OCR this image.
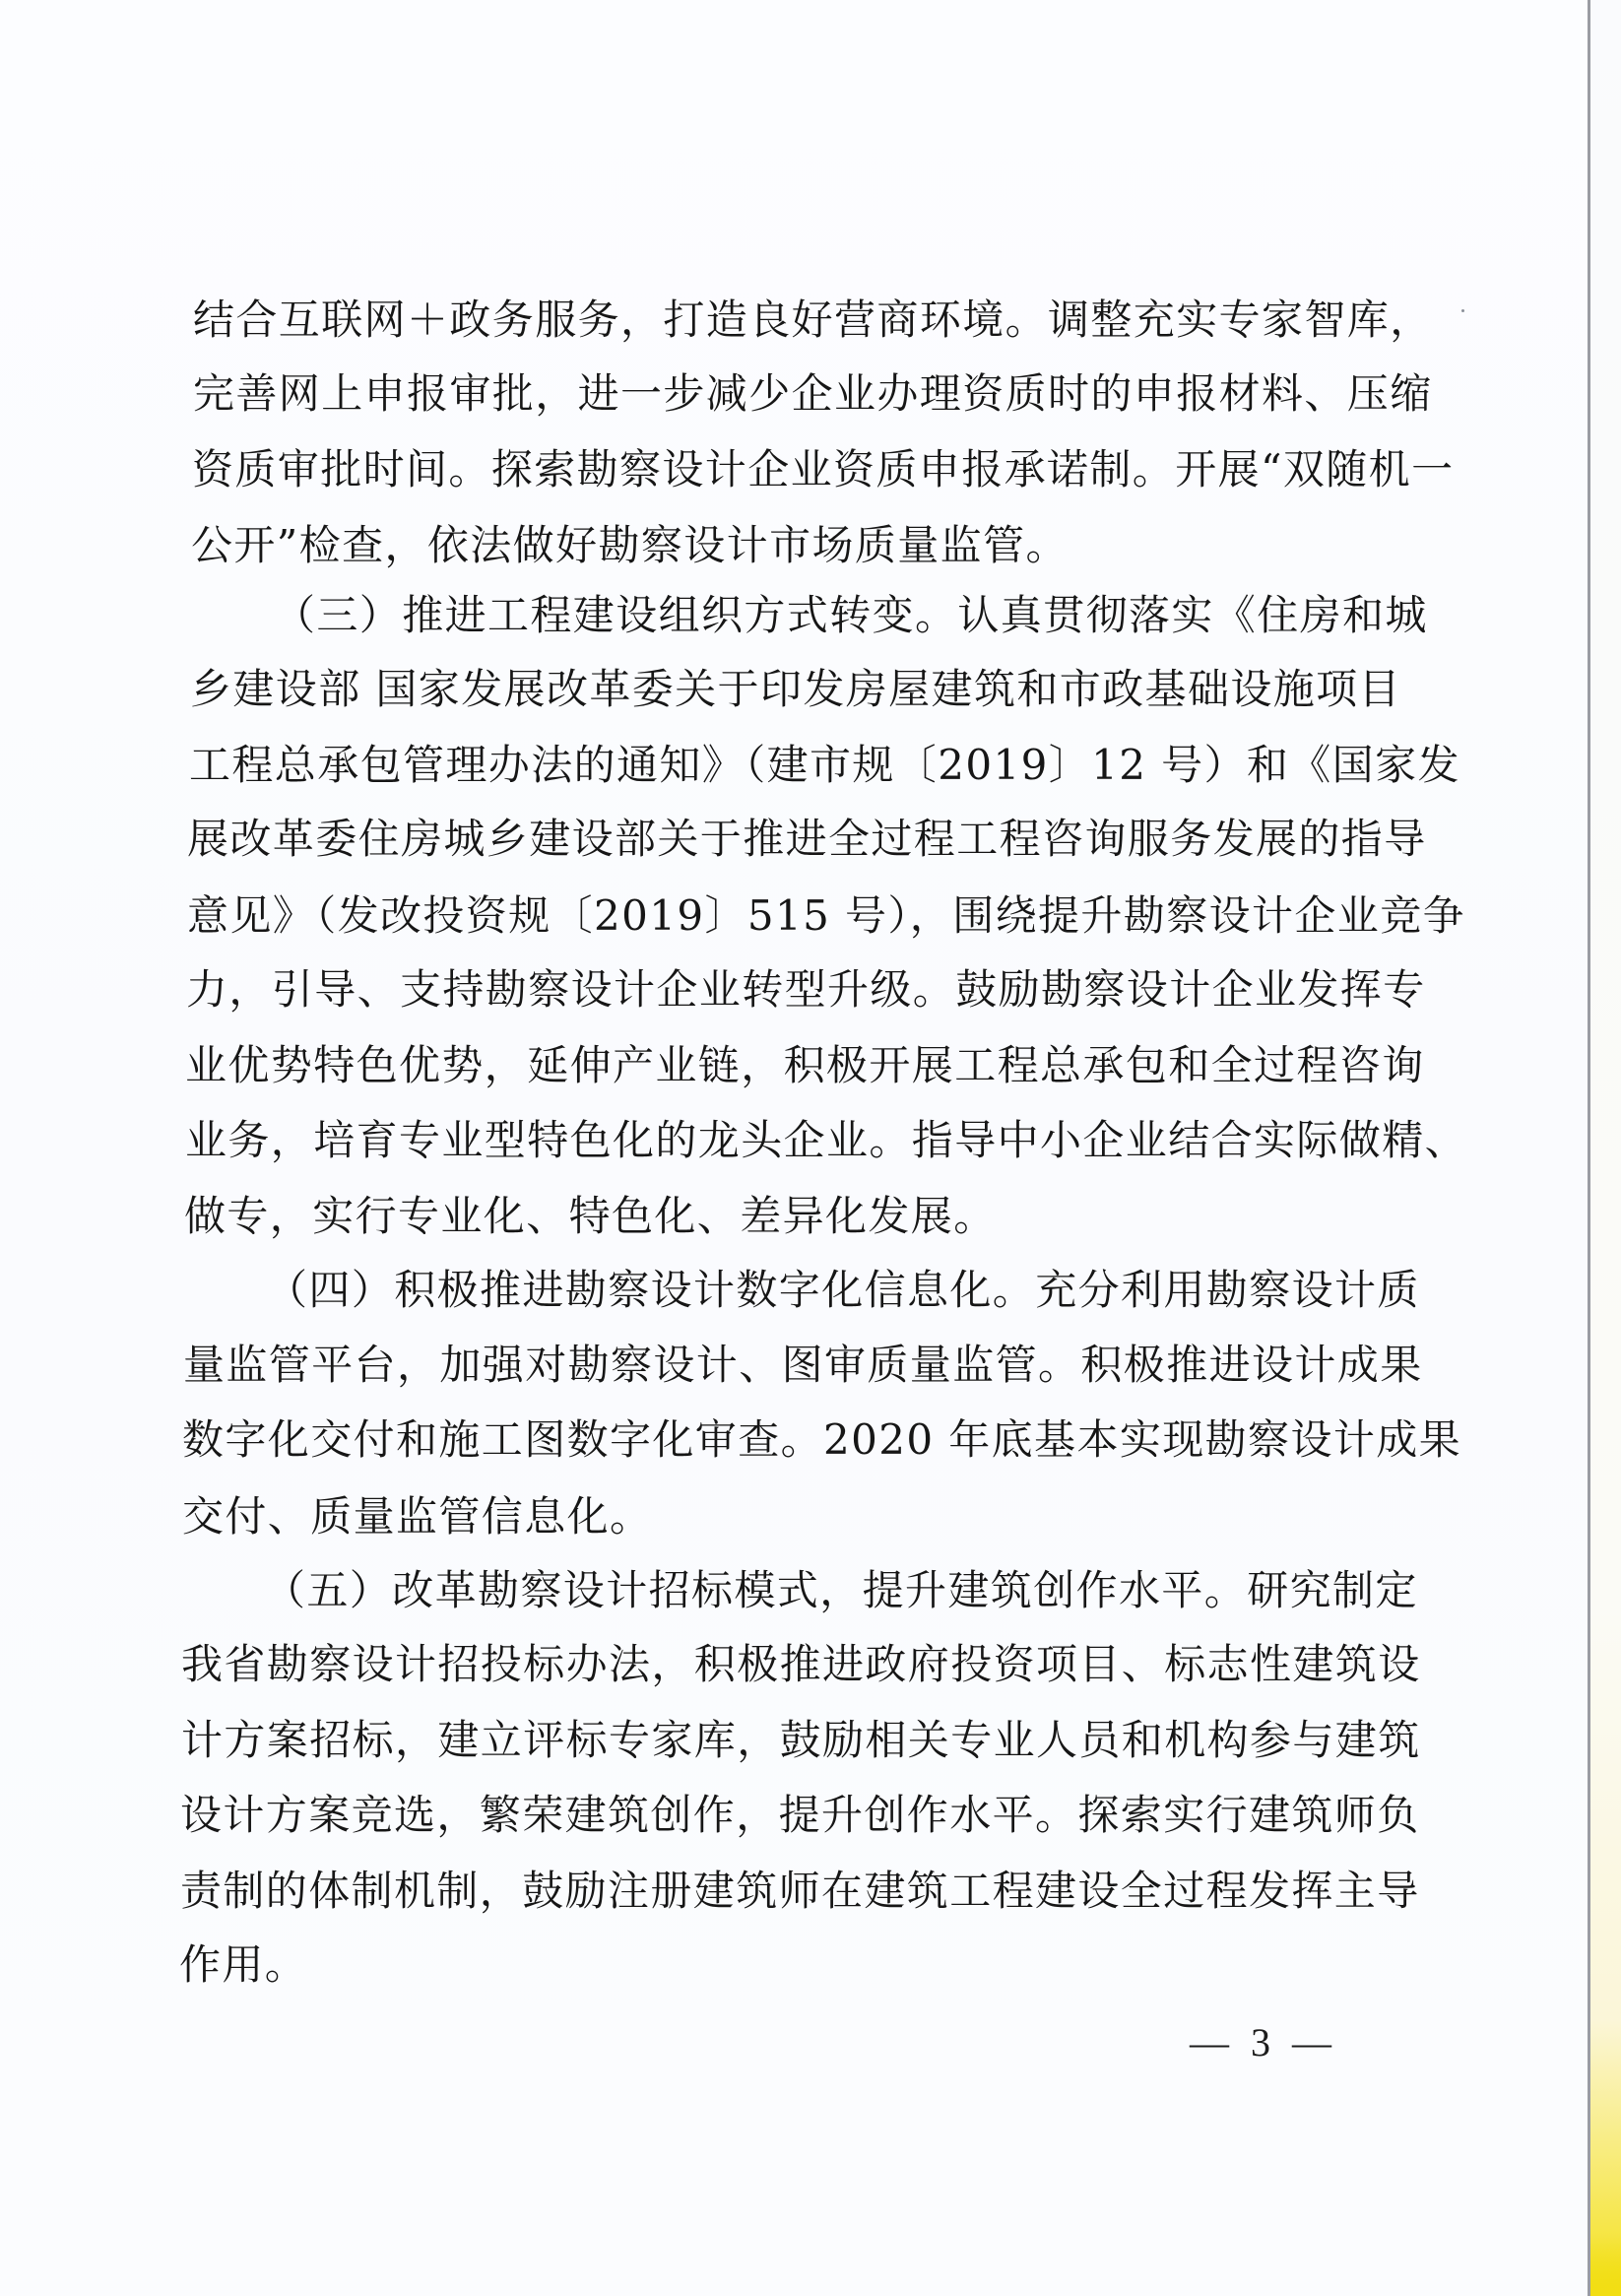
结合互联网＋政务服务，打造良好营商环境。调整充实专家智库，
完善网上申报审批，进一步减少企业办理资质时的申报材料、压缩
资质审批时间。探索勘察设计企业资质申报承诺制。开展“双随机一
公开”检查，依法做好勘察设计市场质量监管。
（三）推进工程建设组织方式转变。认真贯彻落实《住房和城
乡建设部 国家发展改革委关于印发房屋建筑和市政基础设施项目
工程总承包管理办法的通知》（建市规〔2019〕12 号）和《国家发
展改革委住房城乡建设部关于推进全过程工程咨询服务发展的指导
意见》（发改投资规〔2019〕515 号），围绕提升勘察设计企业竞争
力，引导、支持勘察设计企业转型升级。鼓励勘察设计企业发挥专
业优势特色优势，延伸产业链，积极开展工程总承包和全过程咨询
业务，培育专业型特色化的龙头企业。指导中小企业结合实际做精、
做专，实行专业化、特色化、差异化发展。
（四）积极推进勘察设计数字化信息化。充分利用勘察设计质
量监管平台，加强对勘察设计、图审质量监管。积极推进设计成果
数字化交付和施工图数字化审查。2020 年底基本实现勘察设计成果
交付、质量监管信息化。
（五）改革勘察设计招标模式，提升建筑创作水平。研究制定
我省勘察设计招投标办法，积极推进政府投资项目、标志性建筑设
计方案招标，建立评标专家库，鼓励相关专业人员和机构参与建筑
设计方案竞选，繁荣建筑创作，提升创作水平。探索实行建筑师负
责制的体制机制，鼓励注册建筑师在建筑工程建设全过程发挥主导
作用。
— 3 —
